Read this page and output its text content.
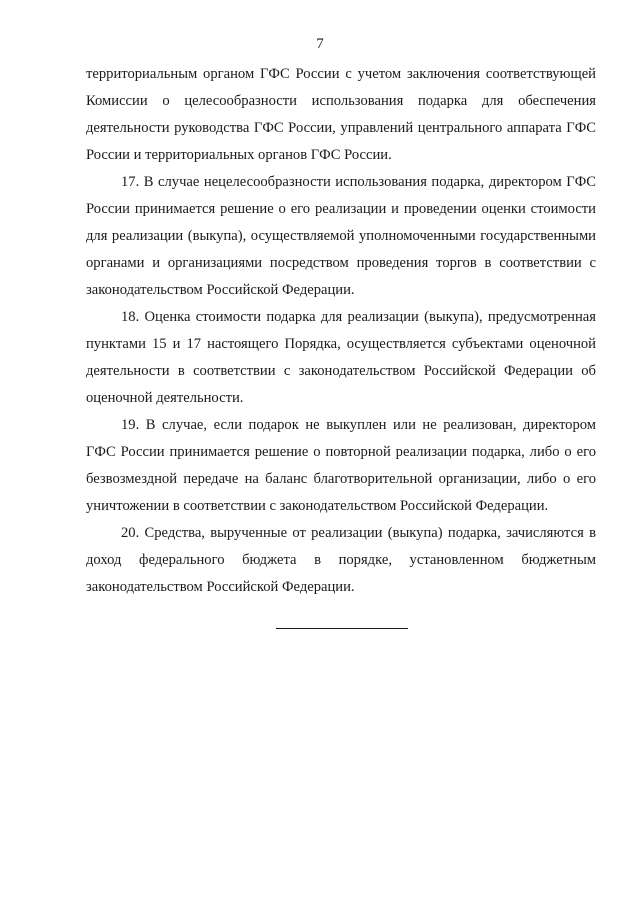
7

территориальным органом ГФС России с учетом заключения соответствующей Комиссии о целесообразности использования подарка для обеспечения деятельности руководства ГФС России, управлений центрального аппарата ГФС России и территориальных органов ГФС России.

17. В случае нецелесообразности использования подарка, директором ГФС России принимается решение о его реализации и проведении оценки стоимости для реализации (выкупа), осуществляемой уполномоченными государственными органами и организациями посредством проведения торгов в соответствии с законодательством Российской Федерации.

18. Оценка стоимости подарка для реализации (выкупа), предусмотренная пунктами 15 и 17 настоящего Порядка, осуществляется субъектами оценочной деятельности в соответствии с законодательством Российской Федерации об оценочной деятельности.

19. В случае, если подарок не выкуплен или не реализован, директором ГФС России принимается решение о повторной реализации подарка, либо о его безвозмездной передаче на баланс благотворительной организации, либо о его уничтожении в соответствии с законодательством Российской Федерации.

20. Средства, вырученные от реализации (выкупа) подарка, зачисляются в доход федерального бюджета в порядке, установленном бюджетным законодательством Российской Федерации.
